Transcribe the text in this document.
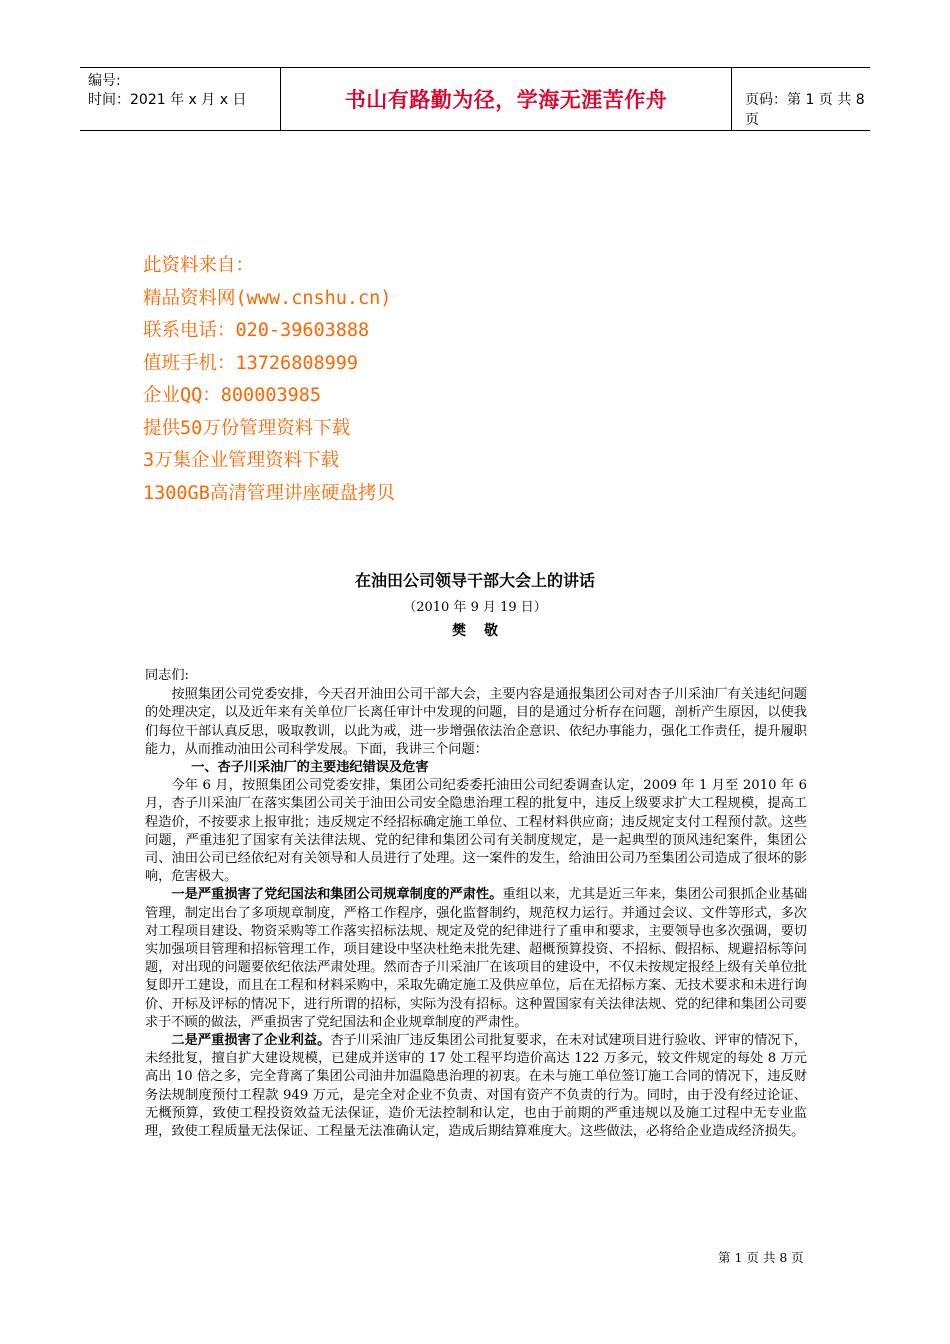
编号:
时间：2021 年 x 月 x 日	书山有路勤为径，学海无涯苦作舟	页码：第 1 页 共 8 页
此资料来自：
精品资料网(www.cnshu.cn)
联系电话：020-39603888
值班手机：13726808999
企业QQ：800003985
提供50万份管理资料下载
3万集企业管理资料下载
1300GB高清管理讲座硬盘拷贝
在油田公司领导干部大会上的讲话
（2010 年 9 月 19 日）
樊敬

同志们:

按照集团公司党委安排，今天召开油田公司干部大会，主要内容是通报集团公司对杏子川采油厂有关违纪问题的处理决定，以及近年来有关单位厂长离任审计中发现的问题，目的是通过分析存在问题，剖析产生原因，以使我们每位干部认真反思，吸取教训，以此为戒，进一步增强依法治企意识、依纪办事能力，强化工作责任，提升履职能力，从而推动油田公司科学发展。下面，我讲三个问题：

一、杏子川采油厂的主要违纪错误及危害

今年 6 月，按照集团公司党委安排，集团公司纪委委托油田公司纪委调查认定，2009 年 1 月至 2010 年 6 月，杏子川采油厂在落实集团公司关于油田公司安全隐患治理工程的批复中，违反上级要求扩大工程规模，提高工程造价，不按要求上报审批；违反规定不经招标确定施工单位、工程材料供应商；违反规定支付工程预付款。这些问题，严重违犯了国家有关法律法规、党的纪律和集团公司有关制度规定，是一起典型的顶风违纪案件，集团公司、油田公司已经依纪对有关领导和人员进行了处理。这一案件的发生，给油田公司乃至集团公司造成了很坏的影响，危害极大。

一是严重损害了党纪国法和集团公司规章制度的严肃性。重组以来，尤其是近三年来，集团公司狠抓企业基础管理，制定出台了多项规章制度，严格工作程序，强化监督制约，规范权力运行。并通过会议、文件等形式，多次对工程项目建设、物资采购等工作落实招标法规、规定及党的纪律进行了重申和要求，主要领导也多次强调，要切实加强项目管理和招标管理工作，项目建设中坚决杜绝未批先建、超概预算投资、不招标、假招标、规避招标等问题，对出现的问题要依纪依法严肃处理。然而杏子川采油厂在该项目的建设中，不仅未按规定报经上级有关单位批复即开工建设，而且在工程和材料采购中，采取先确定施工及供应单位，后在无招标方案、无技术要求和未进行询价、开标及评标的情况下，进行所谓的招标，实际为没有招标。这种置国家有关法律法规、党的纪律和集团公司要求于不顾的做法，严重损害了党纪国法和企业规章制度的严肃性。

二是严重损害了企业利益。杏子川采油厂违反集团公司批复要求，在未对试建项目进行验收、评审的情况下，未经批复，擅自扩大建设规模，已建成并送审的 17 处工程平均造价高达 122 万多元，较文件规定的每处 8 万元高出 10 倍之多，完全背离了集团公司油井加温隐患治理的初衷。在未与施工单位签订施工合同的情况下，违反财务法规制度预付工程款 949 万元，是完全对企业不负责、对国有资产不负责的行为。同时，由于没有经过论证、无概预算，致使工程投资效益无法保证，造价无法控制和认定，也由于前期的严重违规以及施工过程中无专业监理，致使工程质量无法保证、工程量无法准确认定，造成后期结算难度大。这些做法，必将给企业造成经济损失。

第 1 页 共 8 页
